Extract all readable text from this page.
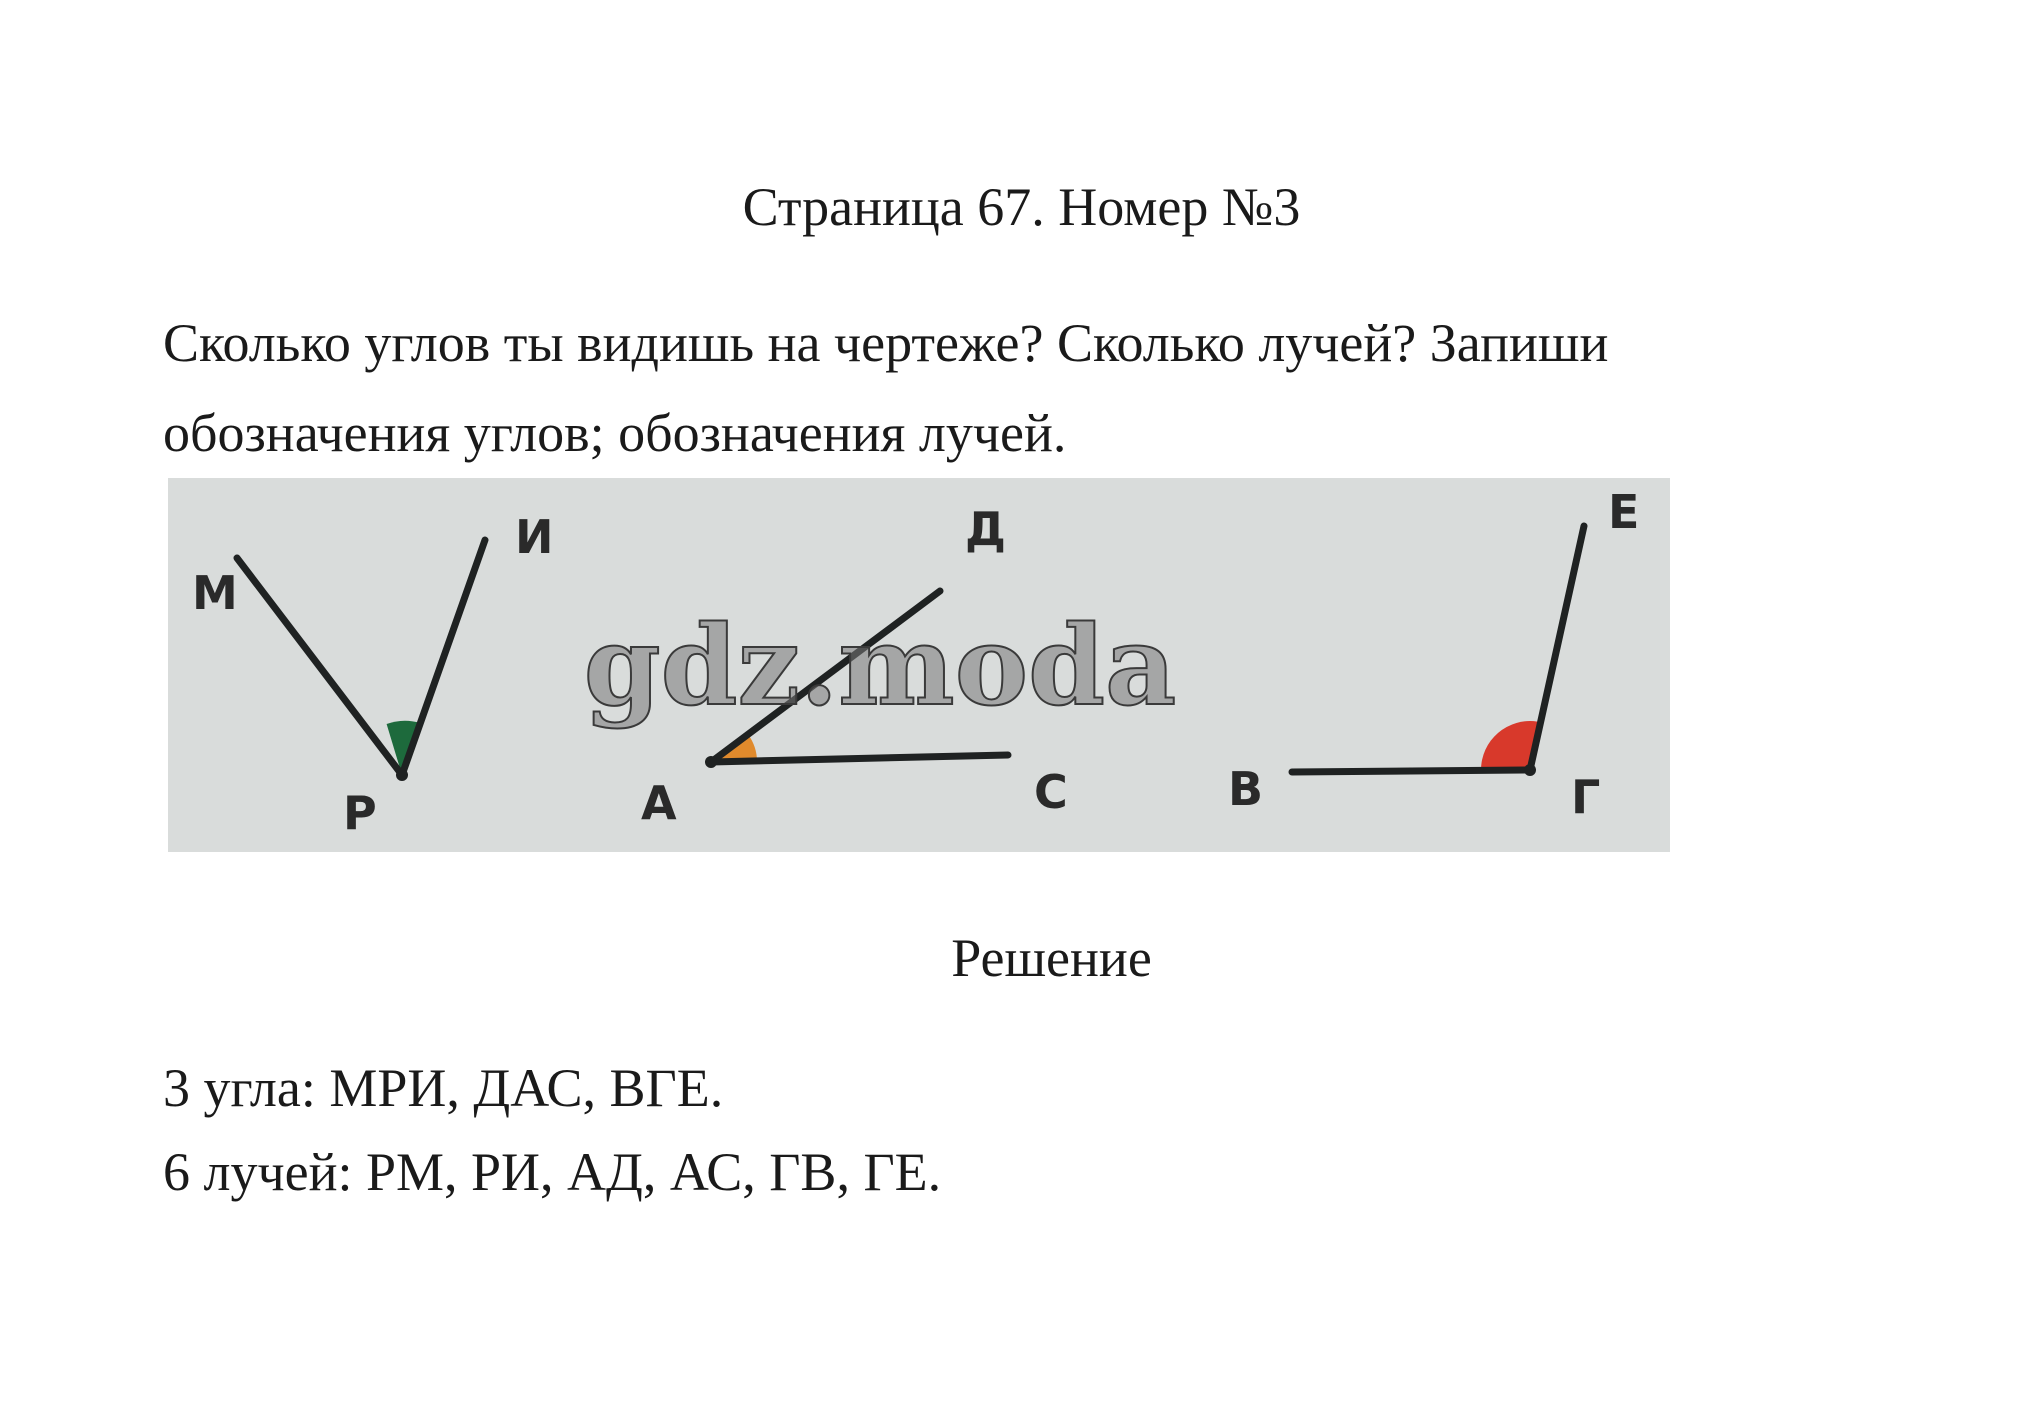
Страница 67. Номер №3
Сколько углов ты видишь на чертеже? Сколько лучей? Запиши обозначения углов; обозначения лучей.
М
И
Р
Д
А	С
Е
В	Г
gdz.moda
Решение
3 угла: МРИ, ДАС, ВГЕ.
6 лучей: РМ, РИ, АД, АС, ГВ, ГЕ.
